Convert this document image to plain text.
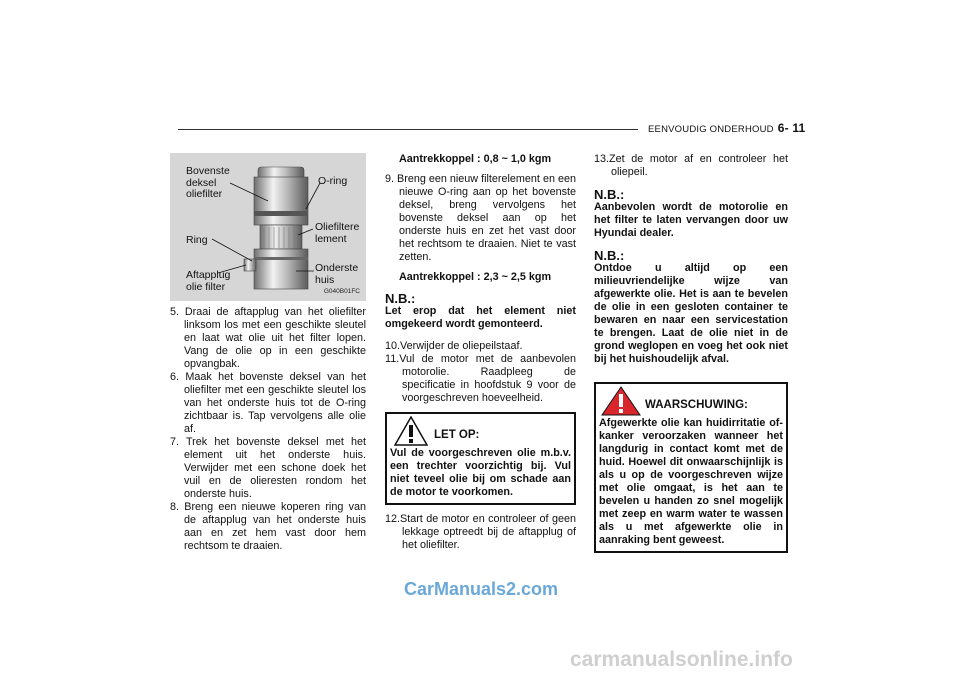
EENVOUDIG ONDERHOUD 6- 11
Bovenste deksel oliefilter
O-ring
Oliefiltere lement
Ring
Onderste huis
Aftapplug olie filter	G040B01FC

5. Draai de aftapplug van het oliefilter linksom los met een geschikte sleutel en laat wat olie uit het filter lopen. Vang de olie op in een geschikte opvangbak.

6. Maak het bovenste deksel van het oliefilter met een geschikte sleutel los van het onderste huis tot de O-ring zichtbaar is. Tap vervolgens alle olie af.

7. Trek het bovenste deksel met het element uit het onderste huis. Verwijder met een schone doek het vuil en de olieresten rondom het onderste huis.

8. Breng een nieuwe koperen ring van de aftapplug van het onderste huis aan en zet hem vast door hem rechtsom te draaien.

Aantrekkoppel : 0,8 ~ 1,0 kgm

9. Breng een nieuw filterelement en een nieuwe O-ring aan op het bovenste deksel, breng vervolgens het bovenste deksel aan op het onderste huis en zet het vast door het rechtsom te draaien. Niet te vast zetten.

Aantrekkoppel : 2,3 ~ 2,5 kgm

N.B.:

Let erop dat het element niet omgekeerd wordt gemonteerd.

10.Verwijder de oliepeilstaaf.

11.Vul de motor met de aanbevolen motorolie. Raadpleeg de specificatie in hoofdstuk 9 voor de voorgeschreven hoeveelheid.

LET OP:

Vul de voorgeschreven olie m.b.v. een trechter voorzichtig bij. Vul niet teveel olie bij om schade aan de motor te voorkomen.

12.Start de motor en controleer of geen lekkage optreedt bij de aftapplug of het oliefilter.

13.Zet de motor af en controleer het oliepeil.

N.B.:

Aanbevolen wordt de motorolie en het filter te laten vervangen door uw Hyundai dealer.

N.B.:

Ontdoe u altijd op een milieuvriendelijke wijze van afgewerkte olie. Het is aan te bevelen de olie in een gesloten container te bewaren en naar een servicestation te brengen. Laat de olie niet in de grond weglopen en voeg het ook niet bij het huishoudelijk afval.

WAARSCHUWING:

Afgewerkte olie kan huidirritatie of-kanker veroorzaken wanneer het langdurig in contact komt met de huid. Hoewel dit onwaarschijnlijk is als u op de voorgeschreven wijze met olie omgaat, is het aan te bevelen u handen zo snel mogelijk met zeep en warm water te wassen als u met afgewerkte olie in aanraking bent geweest.

CarManuals2.com
carmanualsonline.info
